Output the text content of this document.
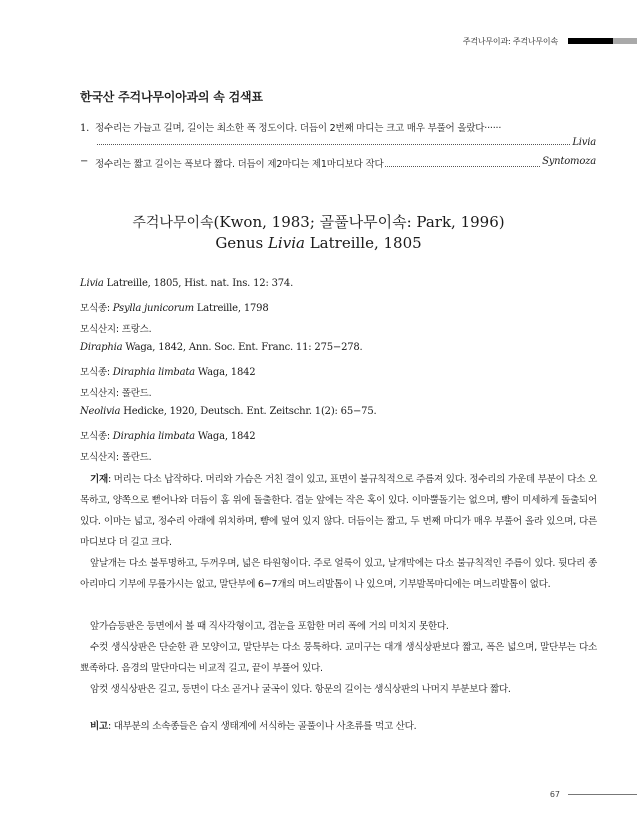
주걱나무이과: 주걱나무이속
한국산 주걱나무이아과의 속 검색표
1. 정수리는 가늘고 길며, 길이는 최소한 폭 정도이다. 더듬이 2번째 마디는 크고 매우 부풀어 올랐다······
Livia
− 정수리는 짧고 길이는 폭보다 짧다. 더듬이 제2마디는 제1마디보다 작다	Syntomoza
주걱나무이속(Kwon, 1983; 골풀나무이속: Park, 1996)
Genus Livia Latreille, 1805
Livia Latreille, 1805, Hist. nat. Ins. 12: 374.
모식종: Psylla junicorum Latreille, 1798
모식산지: 프랑스.
Diraphia Waga, 1842, Ann. Soc. Ent. Franc. 11: 275−278.
모식종: Diraphia limbata Waga, 1842
모식산지: 폴란드.
Neolivia Hedicke, 1920, Deutsch. Ent. Zeitschr. 1(2): 65−75.
모식종: Diraphia limbata Waga, 1842
모식산지: 폴란드.
기재: 머리는 다소 납작하다. 머리와 가슴은 거친 결이 있고, 표면이 불규칙적으로 주름져 있다. 정수리의 가운데 부분이 다소 오목하고, 양쪽으로 뻗어나와 더듬이 홈 위에 돌출한다. 겹눈 앞에는 작은 혹이 있다. 이마뿔돌기는 없으며, 뺨이 미세하게 돌출되어 있다. 이마는 넓고, 정수리 아래에 위치하며, 뺨에 덮여 있지 않다. 더듬이는 짧고, 두 번째 마디가 매우 부풀어 올라 있으며, 다른 마디보다 더 길고 크다.
앞날개는 다소 불투명하고, 두꺼우며, 넓은 타원형이다. 주로 얼룩이 있고, 날개막에는 다소 불규칙적인 주름이 있다. 뒷다리 종아리마디 기부에 무릎가시는 없고, 말단부에 6−7개의 며느리발톱이 나 있으며, 기부발목마디에는 며느리발톱이 없다.
앞가슴등판은 등면에서 볼 때 직사각형이고, 겹눈을 포함한 머리 폭에 거의 미치지 못한다.
수컷 생식상판은 단순한 관 모양이고, 말단부는 다소 뭉툭하다. 교미구는 대개 생식상판보다 짧고, 폭은 넓으며, 말단부는 다소 뾰족하다. 음경의 말단마디는 비교적 길고, 끝이 부풀어 있다.
암컷 생식상판은 길고, 등면이 다소 곧거나 굴곡이 있다. 항문의 길이는 생식상판의 나머지 부분보다 짧다.
비고: 대부분의 소속종들은 습지 생태계에 서식하는 골풀이나 사초류를 먹고 산다.
67
